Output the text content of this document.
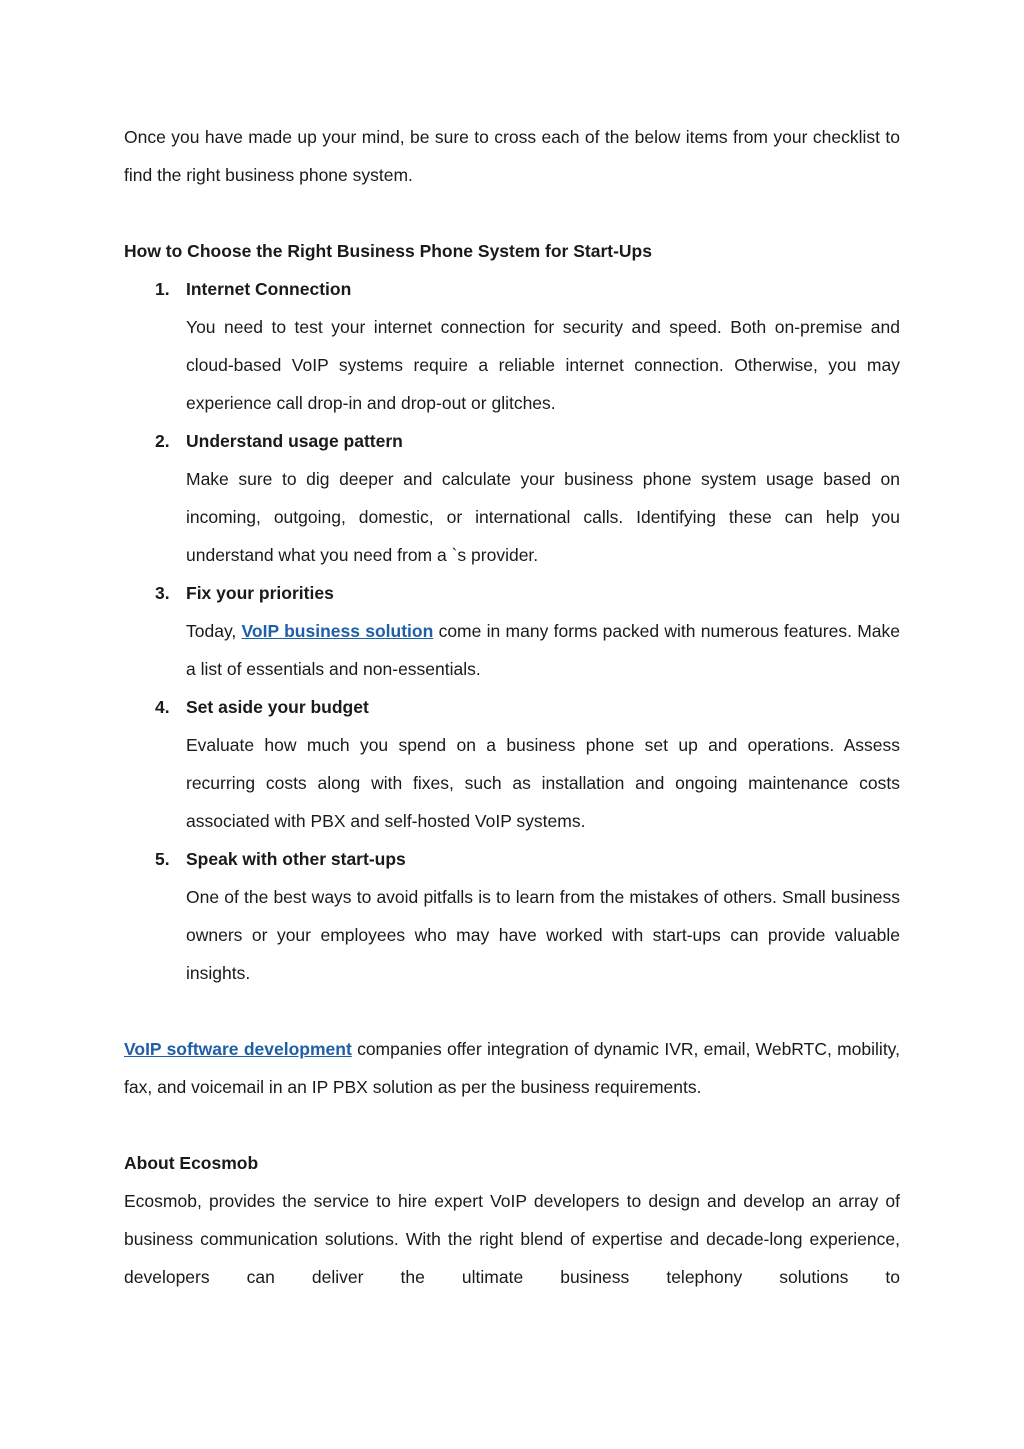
Once you have made up your mind, be sure to cross each of the below items from your checklist to find the right business phone system.

How to Choose the Right Business Phone System for Start-Ups

1. Internet Connection

You need to test your internet connection for security and speed. Both on-premise and cloud-based VoIP systems require a reliable internet connection. Otherwise, you may experience call drop-in and drop-out or glitches.

2. Understand usage pattern

Make sure to dig deeper and calculate your business phone system usage based on incoming, outgoing, domestic, or international calls. Identifying these can help you understand what you need from a `s provider.

3. Fix your priorities

Today, VoIP business solution come in many forms packed with numerous features. Make a list of essentials and non-essentials.

4. Set aside your budget

Evaluate how much you spend on a business phone set up and operations. Assess recurring costs along with fixes, such as installation and ongoing maintenance costs associated with PBX and self-hosted VoIP systems.

5. Speak with other start-ups

One of the best ways to avoid pitfalls is to learn from the mistakes of others. Small business owners or your employees who may have worked with start-ups can provide valuable insights.

VoIP software development companies offer integration of dynamic IVR, email, WebRTC, mobility, fax, and voicemail in an IP PBX solution as per the business requirements.

About Ecosmob

Ecosmob, provides the service to hire expert VoIP developers to design and develop an array of business communication solutions. With the right blend of expertise and decade-long experience, developers can deliver the ultimate business telephony solutions to
